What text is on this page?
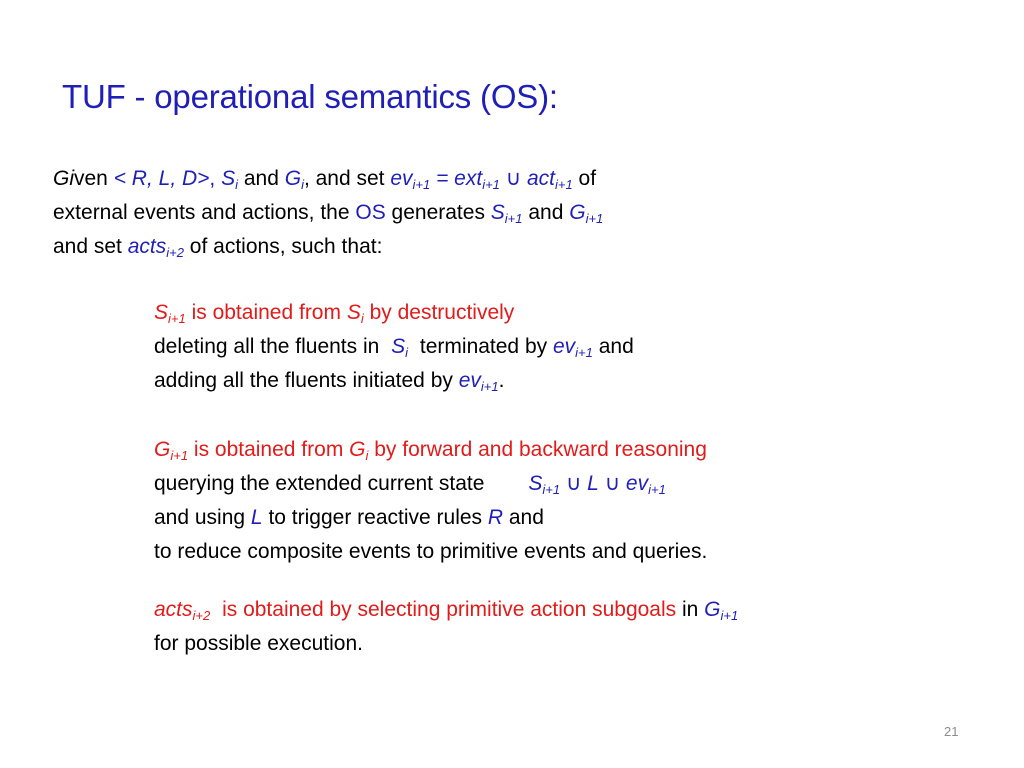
TUF - operational semantics (OS):
Given < R, L, D>, $S_i$ and $G_i$, and set $ev_{i+1} = ext_{i+1}$ ∪ act$_{i+1}$ of
external events and actions, the OS generates $S_{i+1}$ and $G_{i+1}$
and set acts$_{i+2}$ of actions, such that:
$S_{i+1}$ is obtained from $S_i$ by destructively
deleting all the fluents in $S_i$ terminated by $ev_{i+1}$ and
adding all the fluents initiated by $ev_{i+1}$.
$G_{i+1}$ is obtained from $G_i$ by forward and backward reasoning
querying the extended current state $S_{i+1}$ ∪ L ∪ $ev_{i+1}$
and using L to trigger reactive rules R and
to reduce composite events to primitive events and queries.
acts$_{i+2}$ is obtained by selecting primitive action subgoals in $G_{i+1}$
for possible execution.
21
